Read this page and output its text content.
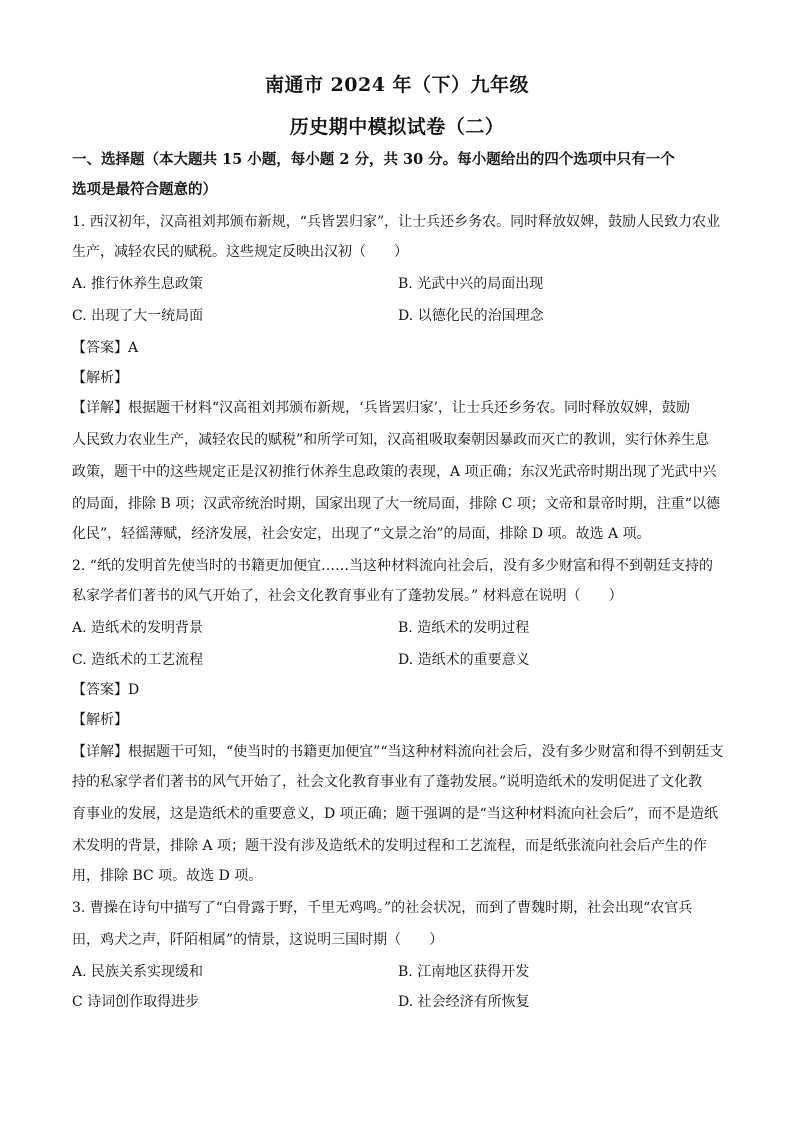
南通市 2024 年（下）九年级
历史期中模拟试卷（二）
一、选择题（本大题共 15 小题，每小题 2 分，共 30 分。每小题给出的四个选项中只有一个
选项是最符合题意的）
1. 西汉初年，汉高祖刘邦颁布新规，“兵皆罢归家”，让士兵还乡务农。同时释放奴婢，鼓励人民致力农业
生产，减轻农民的赋税。这些规定反映出汉初（　　）
A. 推行休养生息政策	B. 光武中兴的局面出现
C. 出现了大一统局面	D. 以德化民的治国理念
【答案】A
【解析】
【详解】根据题干材料“汉高祖刘邦颁布新规，‘兵皆罢归家’，让士兵还乡务农。同时释放奴婢，鼓励
人民致力农业生产，减轻农民的赋税”和所学可知，汉高祖吸取秦朝因暴政而灭亡的教训，实行休养生息
政策，题干中的这些规定正是汉初推行休养生息政策的表现，A 项正确；东汉光武帝时期出现了光武中兴
的局面，排除 B 项；汉武帝统治时期，国家出现了大一统局面，排除 C 项；文帝和景帝时期，注重“以德
化民”，轻徭薄赋，经济发展，社会安定，出现了“文景之治”的局面，排除 D 项。故选 A 项。
2. “纸的发明首先使当时的书籍更加便宜……当这种材料流向社会后，没有多少财富和得不到朝廷支持的
私家学者们著书的风气开始了，社会文化教育事业有了蓬勃发展。” 材料意在说明（　　）
A. 造纸术的发明背景	B. 造纸术的发明过程
C. 造纸术的工艺流程	D. 造纸术的重要意义
【答案】D
【解析】
【详解】根据题干可知，“使当时的书籍更加便宜”“当这种材料流向社会后，没有多少财富和得不到朝廷支
持的私家学者们著书的风气开始了，社会文化教育事业有了蓬勃发展。”说明造纸术的发明促进了文化教
育事业的发展，这是造纸术的重要意义，D 项正确；题干强调的是“当这种材料流向社会后”，而不是造纸
术发明的背景，排除 A 项；题干没有涉及造纸术的发明过程和工艺流程，而是纸张流向社会后产生的作
用，排除 BC 项。故选 D 项。
3. 曹操在诗句中描写了“白骨露于野，千里无鸡鸣。”的社会状况，而到了曹魏时期，社会出现“农官兵
田，鸡犬之声，阡陌相属”的情景，这说明三国时期（　　）
A. 民族关系实现缓和	B. 江南地区获得开发
C 诗词创作取得进步	D. 社会经济有所恢复
